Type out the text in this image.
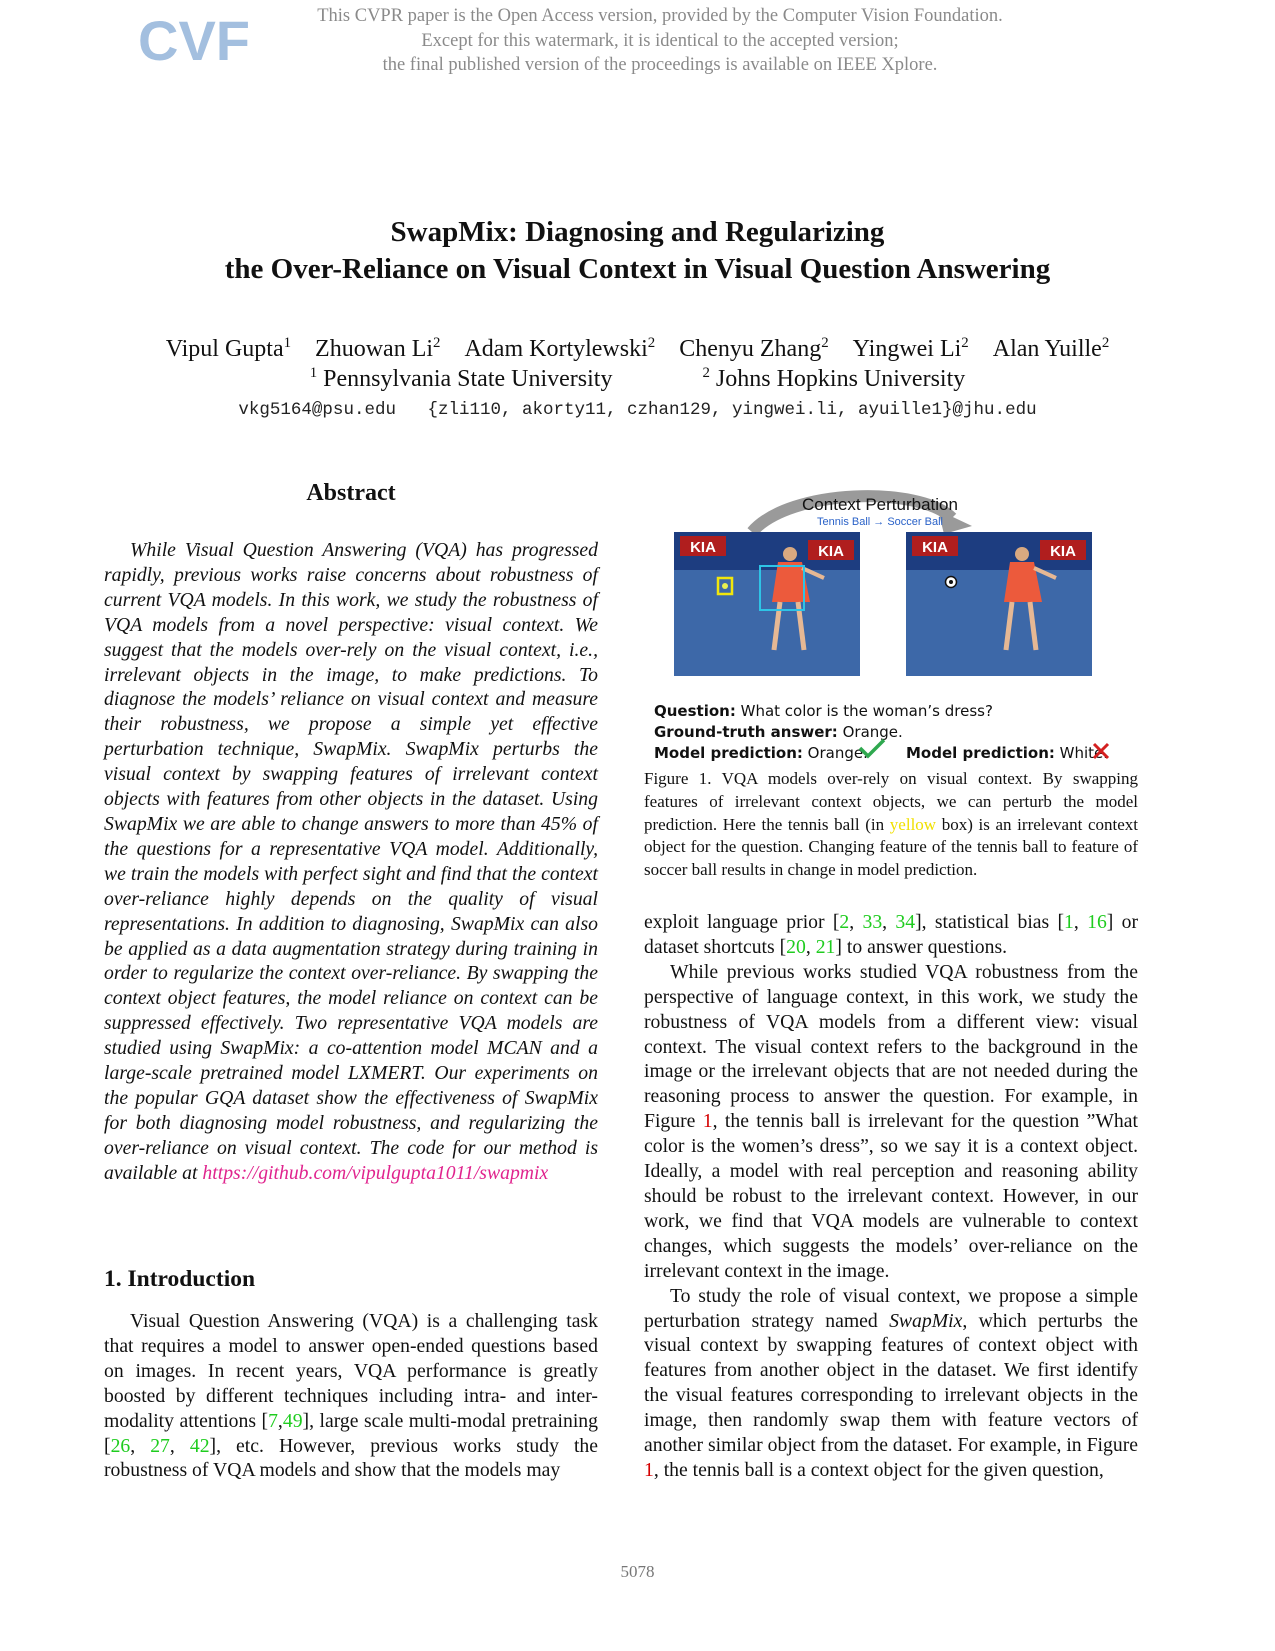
CVF	This CVPR paper is the Open Access version, provided by the Computer Vision Foundation.
Except for this watermark, it is identical to the accepted version;
the final published version of the proceedings is available on IEEE Xplore.
SwapMix: Diagnosing and Regularizing
the Over-Reliance on Visual Context in Visual Question Answering
Vipul Gupta$^1$ Zhuowan Li$^2$ Adam Kortylewski$^2$ Chenyu Zhang$^2$ Yingwei Li$^2$ Alan Yuille$^2$
$^1$ Pennsylvania State University	$^2$ Johns Hopkins University
vkg5164@psu.edu {zli110, akorty11, czhan129, yingwei.li, ayuille1}@jhu.edu
Abstract
While Visual Question Answering (VQA) has progressed rapidly, previous works raise concerns about robustness of current VQA models. In this work, we study the robustness of VQA models from a novel perspective: visual context. We suggest that the models over-rely on the visual context, i.e., irrelevant objects in the image, to make predictions. To diagnose the models’ reliance on visual context and measure their robustness, we propose a simple yet effective perturbation technique, SwapMix. SwapMix perturbs the visual context by swapping features of irrelevant context objects with features from other objects in the dataset. Using SwapMix we are able to change answers to more than 45% of the questions for a representative VQA model. Additionally, we train the models with perfect sight and find that the context over-reliance highly depends on the quality of visual representations. In addition to diagnosing, SwapMix can also be applied as a data augmentation strategy during training in order to regularize the context over-reliance. By swapping the context object features, the model reliance on context can be suppressed effectively. Two representative VQA models are studied using SwapMix: a co-attention model MCAN and a large-scale pretrained model LXMERT. Our experiments on the popular GQA dataset show the effectiveness of SwapMix for both diagnosing model robustness, and regularizing the over-reliance on visual context. The code for our method is available at https://github.com/vipulgupta1011/swapmix
1. Introduction
Visual Question Answering (VQA) is a challenging task that requires a model to answer open-ended questions based on images. In recent years, VQA performance is greatly boosted by different techniques including intra- and inter-modality attentions [7,49], large scale multi-modal pretraining [26, 27, 42], etc. However, previous works study the robustness of VQA models and show that the models may
Context Perturbation
Tennis Ball → Soccer Ball
KIA	KIA	KIA	KIA
Question: What color is the woman’s dress?
Ground-truth answer: Orange.
Model prediction: Orange.	Model prediction: White.
Figure 1. VQA models over-rely on visual context. By swapping features of irrelevant context objects, we can perturb the model prediction. Here the tennis ball (in yellow box) is an irrelevant context object for the question. Changing feature of the tennis ball to feature of soccer ball results in change in model prediction.

exploit language prior [2, 33, 34], statistical bias [1, 16] or dataset shortcuts [20, 21] to answer questions.

While previous works studied VQA robustness from the perspective of language context, in this work, we study the robustness of VQA models from a different view: visual context. The visual context refers to the background in the image or the irrelevant objects that are not needed during the reasoning process to answer the question. For example, in Figure 1, the tennis ball is irrelevant for the question ”What color is the women’s dress”, so we say it is a context object. Ideally, a model with real perception and reasoning ability should be robust to the irrelevant context. However, in our work, we find that VQA models are vulnerable to context changes, which suggests the models’ over-reliance on the irrelevant context in the image.

To study the role of visual context, we propose a simple perturbation strategy named SwapMix, which perturbs the visual context by swapping features of context object with features from another object in the dataset. We first identify the visual features corresponding to irrelevant objects in the image, then randomly swap them with feature vectors of another similar object from the dataset. For example, in Figure 1, the tennis ball is a context object for the given question,

5078
